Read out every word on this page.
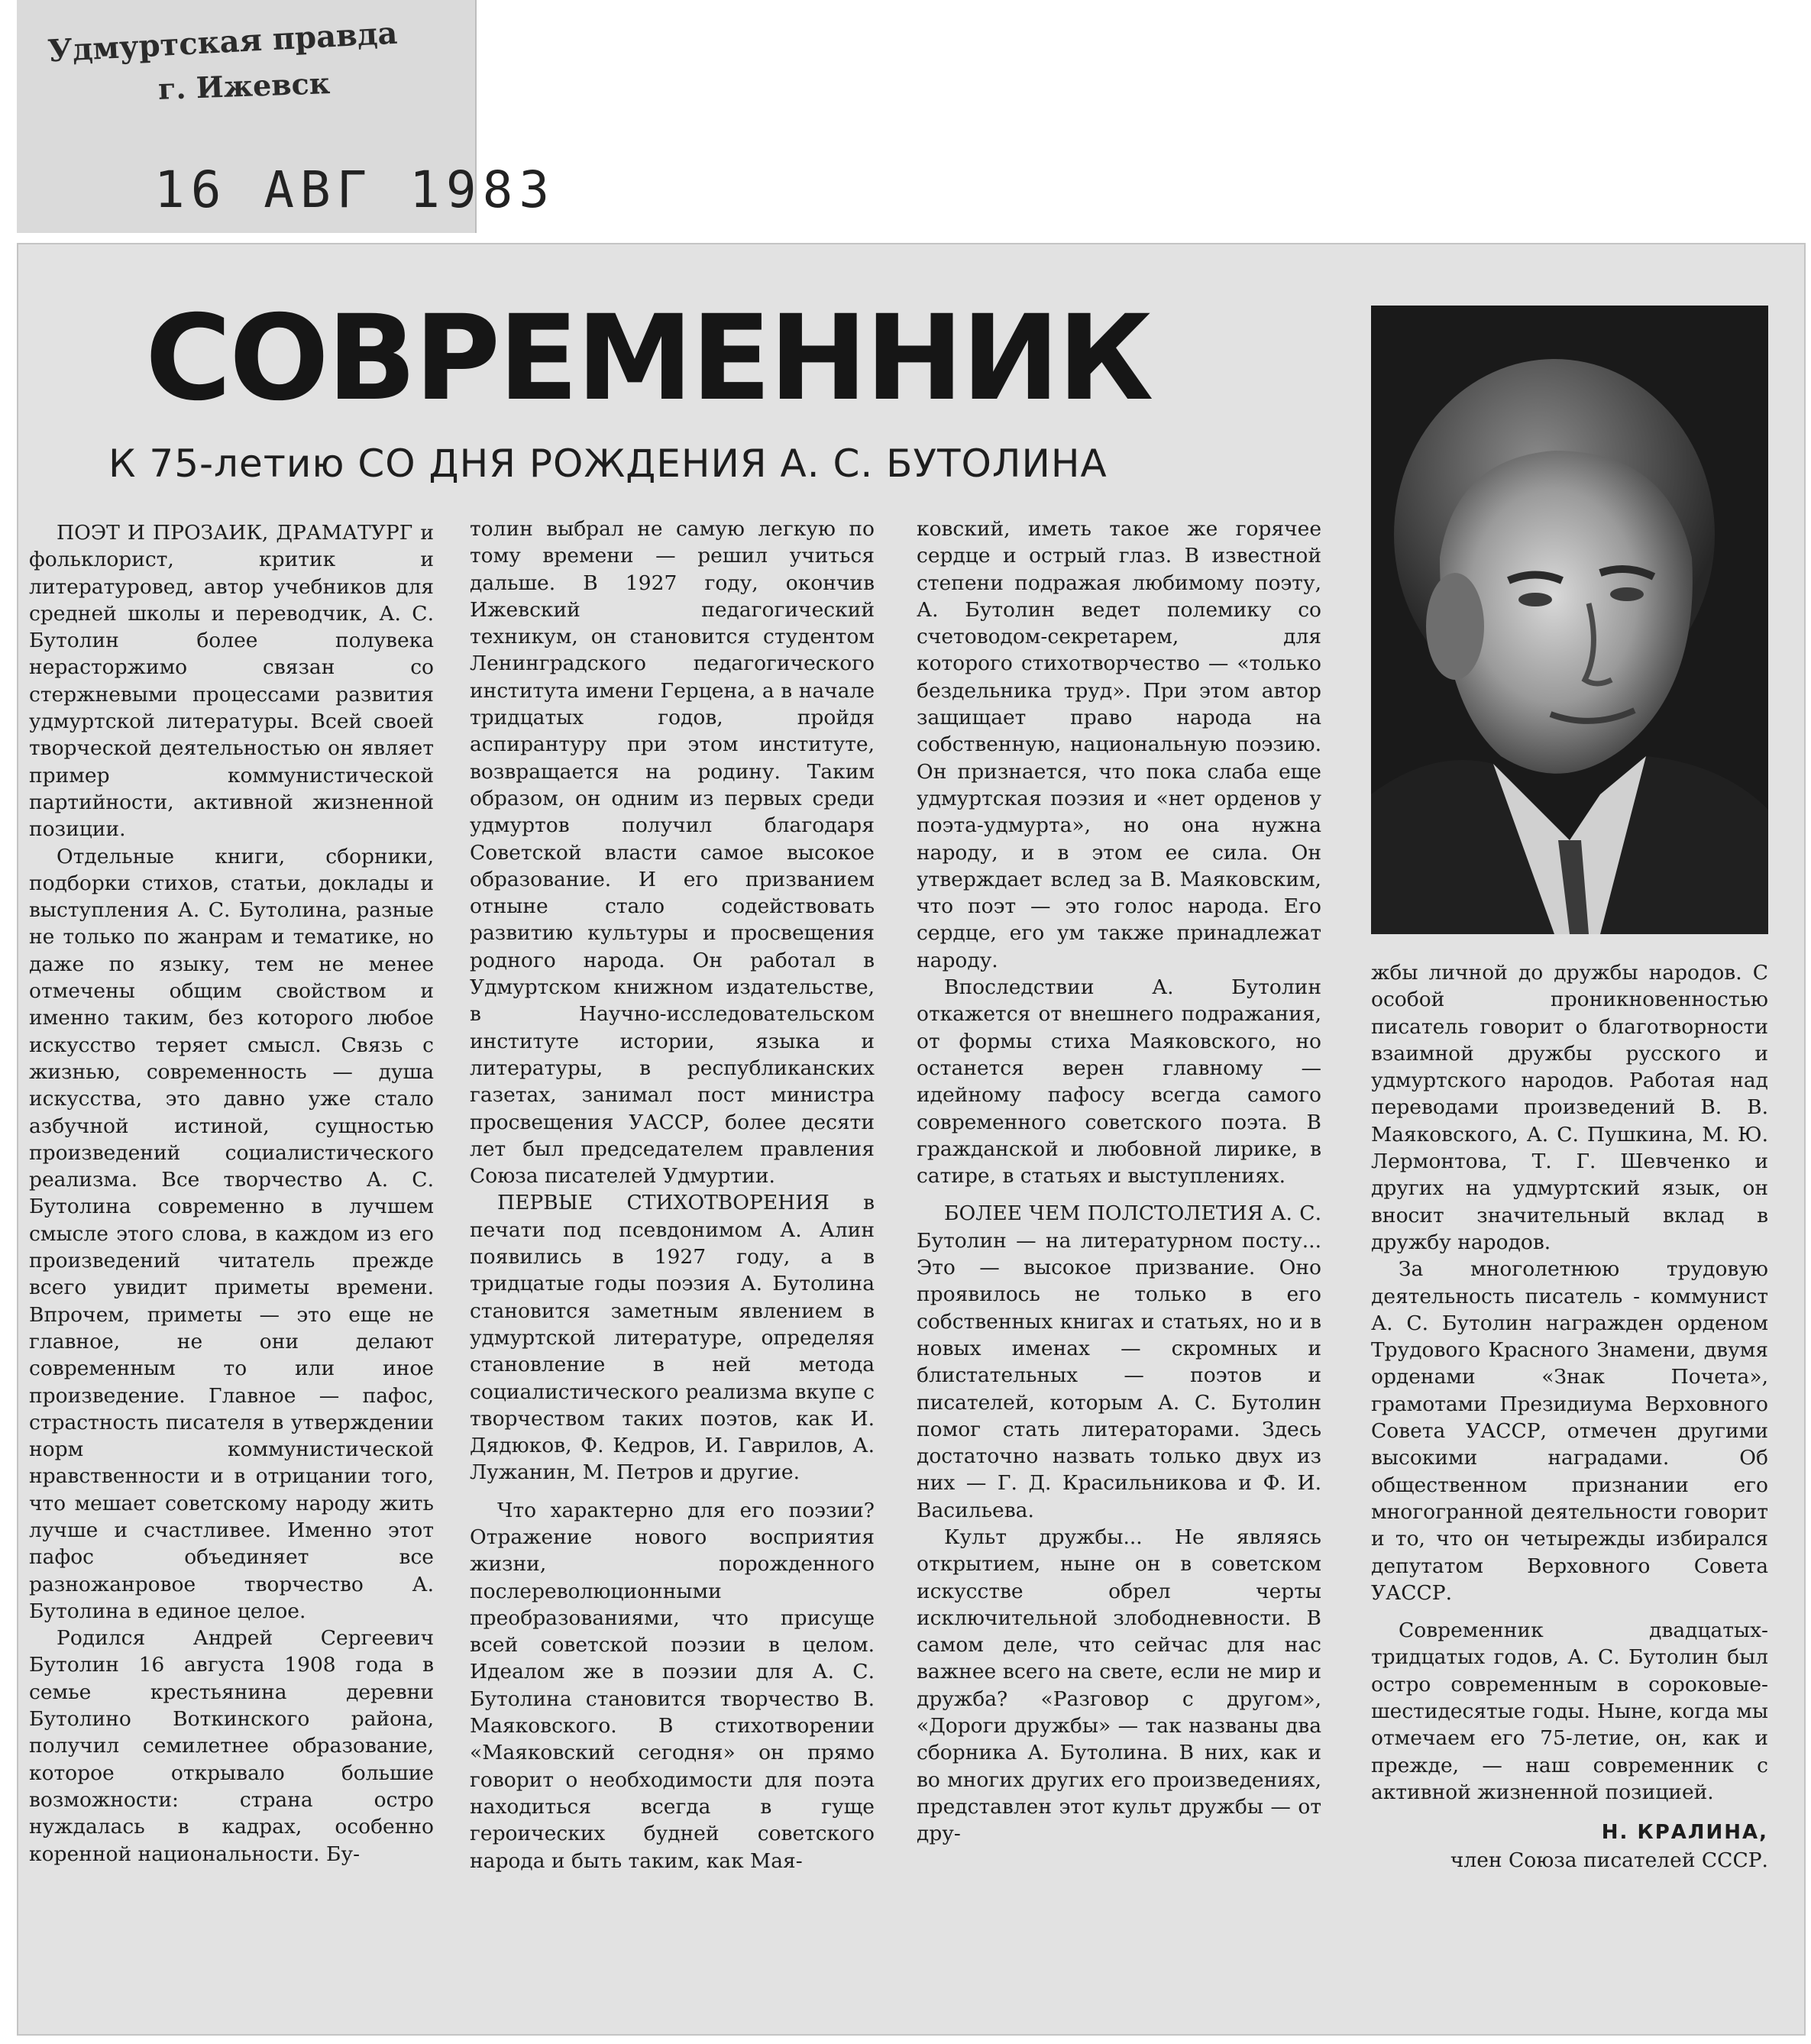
Удмуртская правда
г. Ижевск
16 АВГ 1983
СОВРЕМЕННИК
К 75-летию СО ДНЯ РОЖДЕНИЯ А. С. БУТОЛИНА

ПОЭТ И ПРОЗАИК, ДРАМАТУРГ и фольклорист, критик и литературовед, автор учебников для средней школы и переводчик, А. С. Бутолин более полувека нерасторжимо связан со стержневыми процессами развития удмуртской литературы. Всей своей творческой деятельностью он являет пример коммунистической партийности, активной жизненной позиции.

Отдельные книги, сборники, подборки стихов, статьи, доклады и выступления А. С. Бутолина, разные не только по жанрам и тематике, но даже по языку, тем не менее отмечены общим свойством и именно таким, без которого любое искусство теряет смысл. Связь с жизнью, современность — душа искусства, это давно уже стало азбучной истиной, сущностью произведений социалистического реализма. Все творчество А. С. Бутолина современно в лучшем смысле этого слова, в каждом из его произведений читатель прежде всего увидит приметы времени. Впрочем, приметы — это еще не главное, не они делают современным то или иное произведение. Главное — пафос, страстность писателя в утверждении норм коммунистической нравственности и в отрицании того, что мешает советскому народу жить лучше и счастливее. Именно этот пафос объединяет все разножанровое творчество А. Бутолина в единое целое.

Родился Андрей Сергеевич Бутолин 16 августа 1908 года в семье крестьянина деревни Бутолино Воткинского района, получил семилетнее образование, которое открывало большие возможности: страна остро нуждалась в кадрах, особенно коренной национальности. Бу-

толин выбрал не самую легкую по тому времени — решил учиться дальше. В 1927 году, окончив Ижевский педагогический техникум, он становится студентом Ленинградского педагогического института имени Герцена, а в начале тридцатых годов, пройдя аспирантуру при этом институте, возвращается на родину. Таким образом, он одним из первых среди удмуртов получил благодаря Советской власти самое высокое образование. И его призванием отныне стало содействовать развитию культуры и просвещения родного народа. Он работал в Удмуртском книжном издательстве, в Научно-исследовательском институте истории, языка и литературы, в республиканских газетах, занимал пост министра просвещения УАССР, более десяти лет был председателем правления Союза писателей Удмуртии.

ПЕРВЫЕ СТИХОТВОРЕНИЯ в печати под псевдонимом А. Алин появились в 1927 году, а в тридцатые годы поэзия А. Бутолина становится заметным явлением в удмуртской литературе, определяя становление в ней метода социалистического реализма вкупе с творчеством таких поэтов, как И. Дядюков, Ф. Кедров, И. Гаврилов, А. Лужанин, М. Петров и другие.

Что характерно для его поэзии? Отражение нового восприятия жизни, порожденного послереволюционными преобразованиями, что присуще всей советской поэзии в целом. Идеалом же в поэзии для А. С. Бутолина становится творчество В. Маяковского. В стихотворении «Маяковский сегодня» он прямо говорит о необходимости для поэта находиться всегда в гуще героических будней советского народа и быть таким, как Мая-

ковский, иметь такое же горячее сердце и острый глаз. В известной степени подражая любимому поэту, А. Бутолин ведет полемику со счетоводом-секретарем, для которого стихотворчество — «только бездельника труд». При этом автор защищает право народа на собственную, национальную поэзию. Он признается, что пока слаба еще удмуртская поэзия и «нет орденов у поэта-удмурта», но она нужна народу, и в этом ее сила. Он утверждает вслед за В. Маяковским, что поэт — это голос народа. Его сердце, его ум также принадлежат народу.

Впоследствии А. Бутолин откажется от внешнего подражания, от формы стиха Маяковского, но останется верен главному — идейному пафосу всегда самого современного советского поэта. В гражданской и любовной лирике, в сатире, в статьях и выступлениях.

БОЛЕЕ ЧЕМ ПОЛСТОЛЕТИЯ А. С. Бутолин — на литературном посту... Это — высокое призвание. Оно проявилось не только в его собственных книгах и статьях, но и в новых именах — скромных и блистательных — поэтов и писателей, которым А. С. Бутолин помог стать литераторами. Здесь достаточно назвать только двух из них — Г. Д. Красильникова и Ф. И. Васильева.

Культ дружбы... Не являясь открытием, ныне он в советском искусстве обрел черты исключительной злободневности. В самом деле, что сейчас для нас важнее всего на свете, если не мир и дружба? «Разговор с другом», «Дороги дружбы» — так названы два сборника А. Бутолина. В них, как и во многих других его произведениях, представлен этот культ дружбы — от дру-

жбы личной до дружбы народов. С особой проникновенностью писатель говорит о благотворности взаимной дружбы русского и удмуртского народов. Работая над переводами произведений В. В. Маяковского, А. С. Пушкина, М. Ю. Лермонтова, Т. Г. Шевченко и других на удмуртский язык, он вносит значительный вклад в дружбу народов.

За многолетнюю трудовую деятельность писатель - коммунист А. С. Бутолин награжден орденом Трудового Красного Знамени, двумя орденами «Знак Почета», грамотами Президиума Верховного Совета УАССР, отмечен другими высокими наградами. Об общественном признании его многогранной деятельности говорит и то, что он четырежды избирался депутатом Верховного Совета УАССР.

Современник двадцатых-тридцатых годов, А. С. Бутолин был остро современным в сороковые-шестидесятые годы. Ныне, когда мы отмечаем его 75-летие, он, как и прежде, — наш современник с активной жизненной позицией.

Н. КРАЛИНА,

член Союза писателей СССР.
